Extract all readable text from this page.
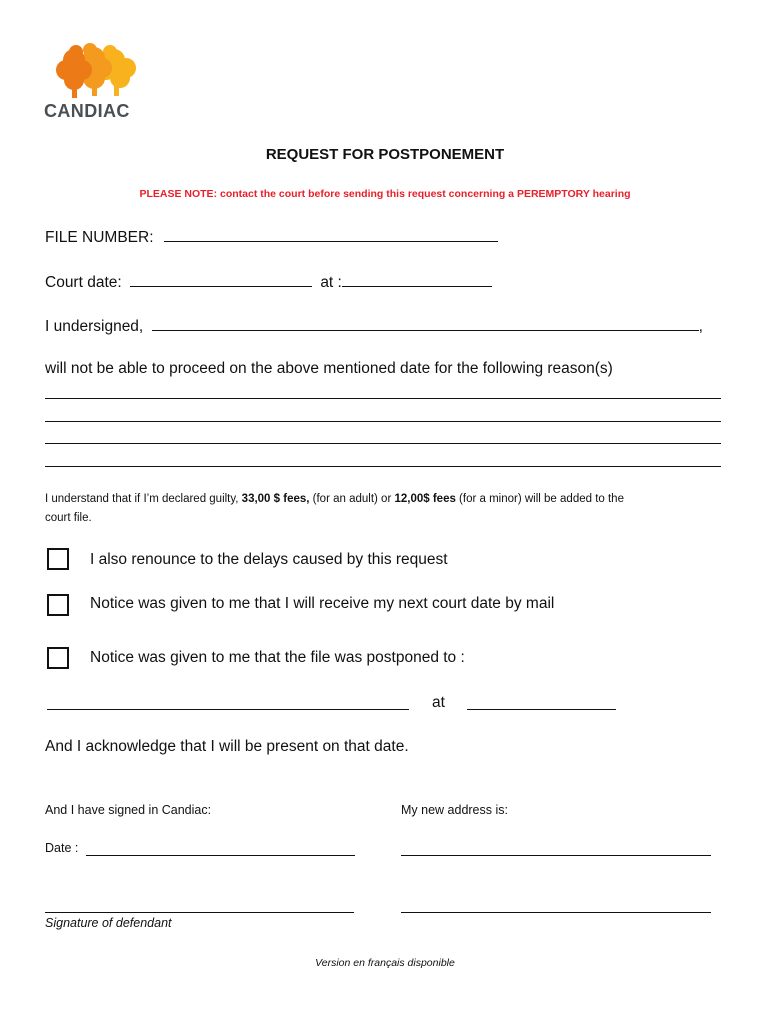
CANDIAC
REQUEST FOR POSTPONEMENT
PLEASE NOTE: contact the court before sending this request concerning a PEREMPTORY hearing
FILE NUMBER:
Court date:	at :
I undersigned,	,
will not be able to proceed on the above mentioned date for the following reason(s)
I understand that if I’m declared guilty, 33,00 $ fees, (for an adult) or 12,00$ fees (for a minor) will be added to the
court file.
I also renounce to the delays caused by this request
Notice was given to me that I will receive my next court date by mail
Notice was given to me that the file was postponed to :
at
And I acknowledge that I will be present on that date.
And I have signed in Candiac:	My new address is:
Date :
Signature of defendant
Version en français disponible
